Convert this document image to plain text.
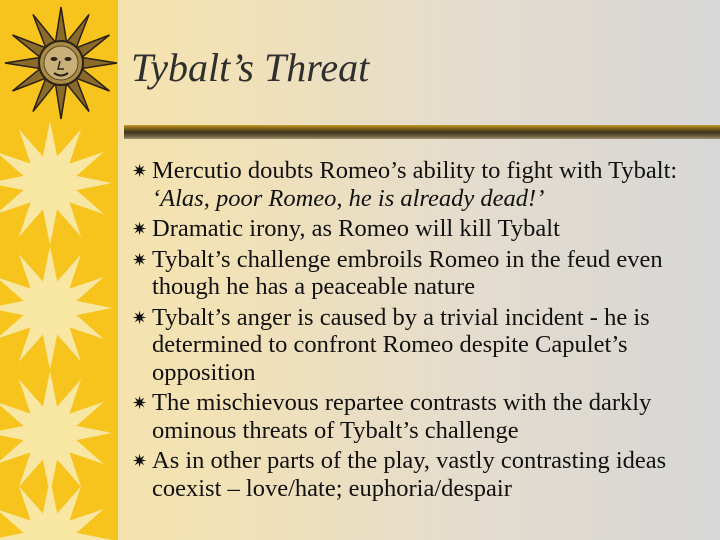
Tybalt’s Threat
✷ Mercutio doubts Romeo’s ability to fight with Tybalt: ‘Alas, poor Romeo, he is already dead!’
✷ Dramatic irony, as Romeo will kill Tybalt
✷ Tybalt’s challenge embroils Romeo in the feud even though he has a peaceable nature
✷ Tybalt’s anger is caused by a trivial incident - he is determined to confront Romeo despite Capulet’s opposition
✷ The mischievous repartee contrasts with the darkly ominous threats of Tybalt’s challenge
✷ As in other parts of the play, vastly contrasting ideas coexist – love/hate; euphoria/despair
